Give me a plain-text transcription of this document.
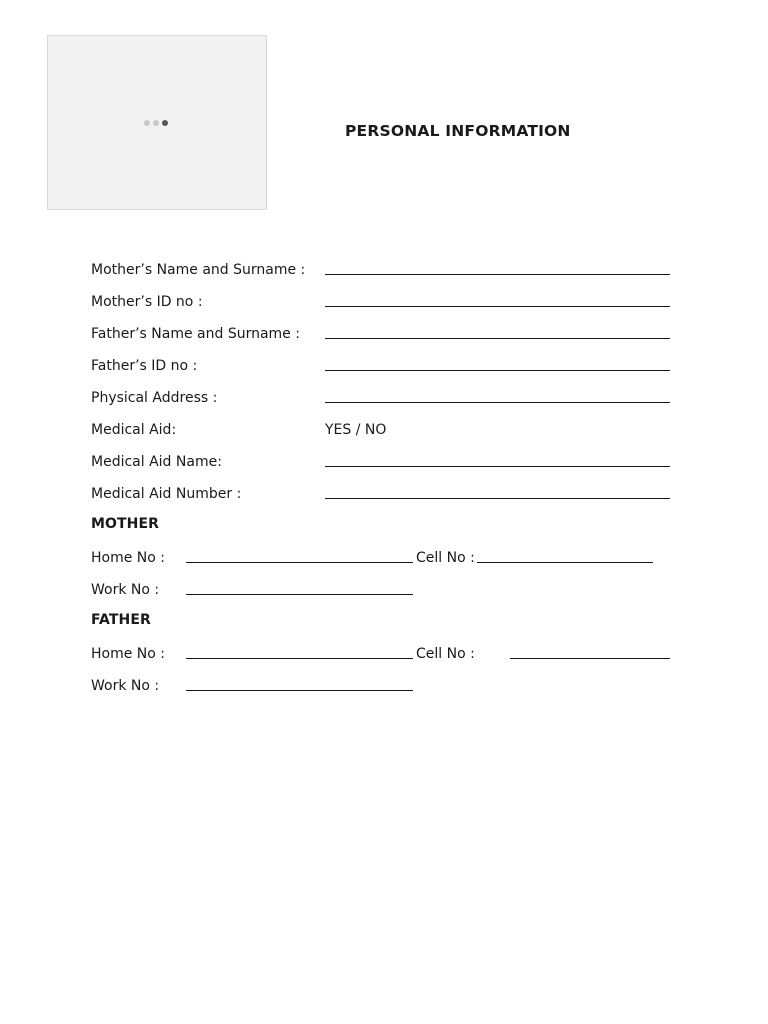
PERSONAL INFORMATION
Mother’s Name and Surname :
Mother’s ID no :
Father’s Name and Surname :
Father’s ID no :
Physical Address :
Medical Aid:	YES / NO
Medical Aid Name:
Medical Aid Number :
MOTHER
Home No :	Cell No :
Work No :
FATHER
Home No :	Cell No :
Work No :
